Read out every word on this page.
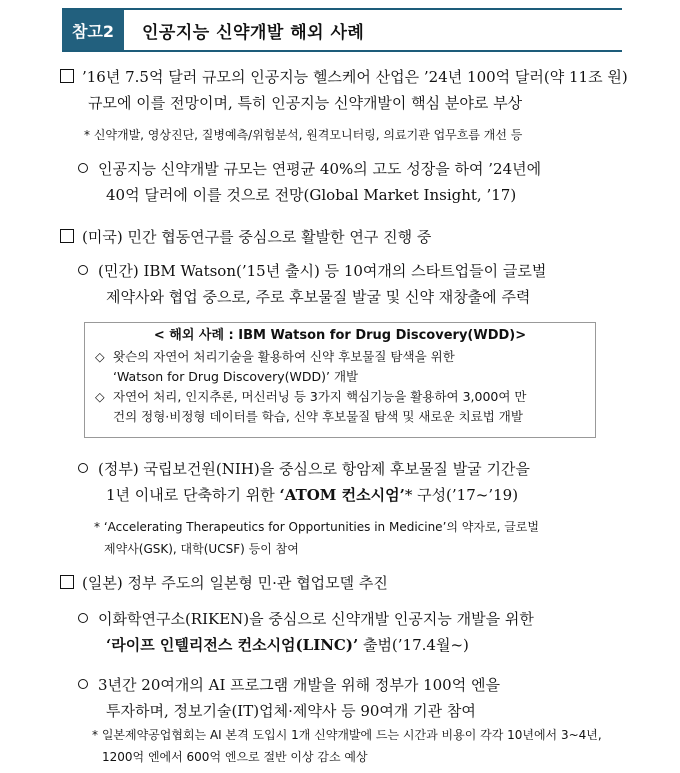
참고2	인공지능 신약개발 해외 사례
’16년 7.5억 달러 규모의 인공지능 헬스케어 산업은 ’24년 100억 달러(약 11조 원)
규모에 이를 전망이며, 특히 인공지능 신약개발이 핵심 분야로 부상
* 신약개발, 영상진단, 질병예측/위험분석, 원격모니터링, 의료기관 업무흐름 개선 등
인공지능 신약개발 규모는 연평균 40%의 고도 성장을 하여 ’24년에
40억 달러에 이를 것으로 전망(Global Market Insight, ’17)
(미국) 민간 협동연구를 중심으로 활발한 연구 진행 중
(민간) IBM Watson(’15년 출시) 등 10여개의 스타트업들이 글로벌
제약사와 협업 중으로, 주로 후보물질 발굴 및 신약 재창출에 주력
< 해외 사례 : IBM Watson for Drug Discovery(WDD)>
◇ 왓슨의 자연어 처리기술을 활용하여 신약 후보물질 탐색을 위한
‘Watson for Drug Discovery(WDD)’ 개발
◇ 자연어 처리, 인지추론, 머신러닝 등 3가지 핵심기능을 활용하여 3,000여 만
건의 정형·비정형 데이터를 학습, 신약 후보물질 탐색 및 새로운 치료법 개발
(정부) 국립보건원(NIH)을 중심으로 항암제 후보물질 발굴 기간을
1년 이내로 단축하기 위한 ‘ATOM 컨소시엄’* 구성(’17~’19)
* ‘Accelerating Therapeutics for Opportunities in Medicine’의 약자로, 글로벌
제약사(GSK), 대학(UCSF) 등이 참여
(일본) 정부 주도의 일본형 민·관 협업모델 추진
이화학연구소(RIKEN)을 중심으로 신약개발 인공지능 개발을 위한
‘라이프 인텔리전스 컨소시엄(LINC)’ 출범(’17.4월~)
3년간 20여개의 AI 프로그램 개발을 위해 정부가 100억 엔을
투자하며, 정보기술(IT)업체·제약사 등 90여개 기관 참여
* 일본제약공업협회는 AI 본격 도입시 1개 신약개발에 드는 시간과 비용이 각각 10년에서 3~4년,
1200억 엔에서 600억 엔으로 절반 이상 감소 예상
